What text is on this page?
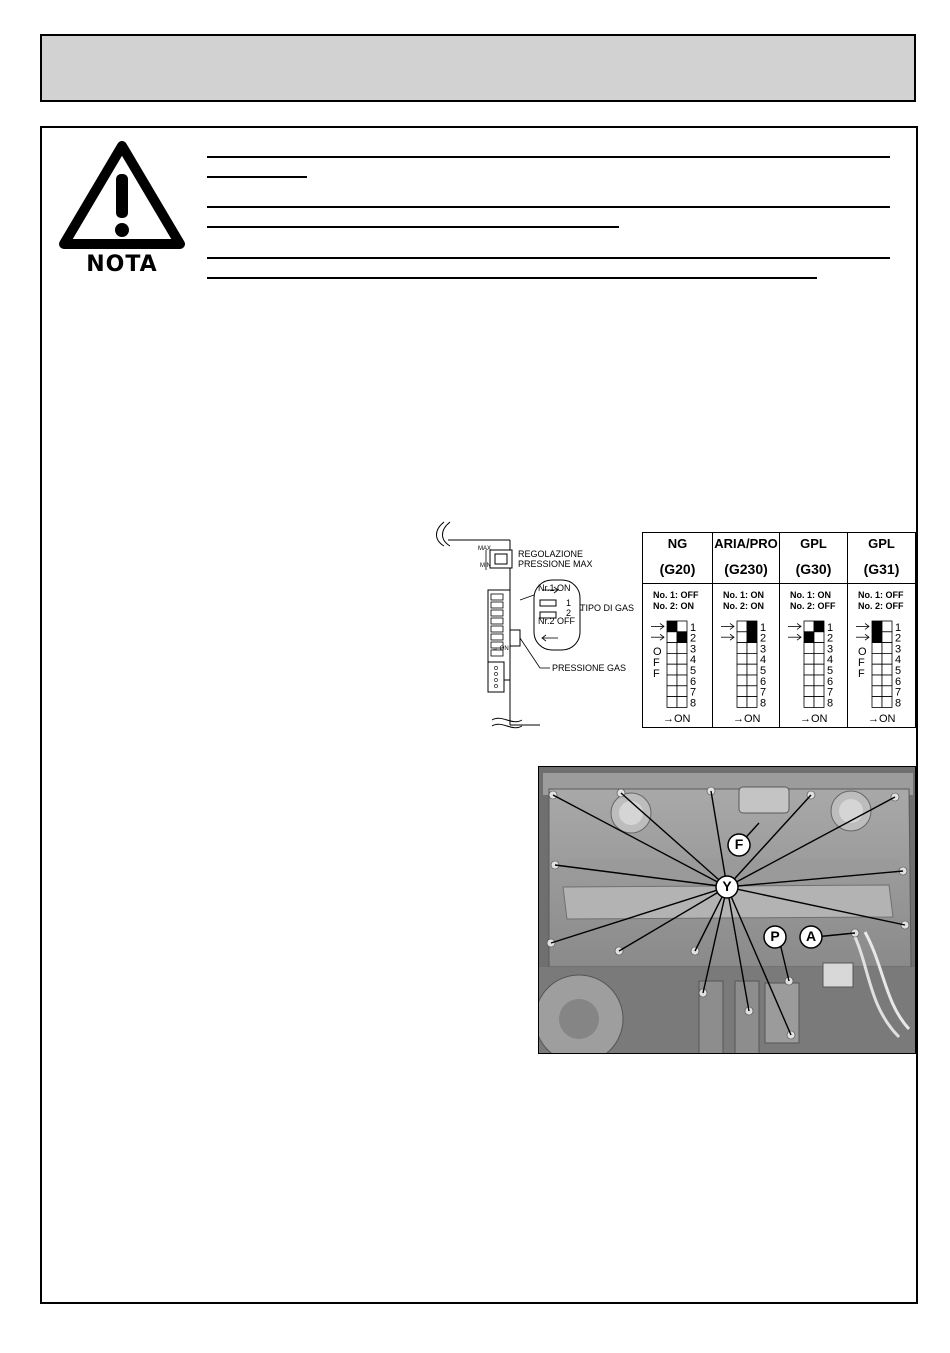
NOTA
MAX
MIN
REGOLAZIONE
PRESSIONE MAX
Nr.1 ON
1
2
Nr.2 OFF
TIPO DI GAS
PRESSIONE GAS
→ ON
NG
(G20)
No. 1: OFF
No. 2: ON
1
2
3
4
5
6
7
8
OFF
→ON
ARIA/PRO
(G230)
No. 1: ON
No. 2: ON
1
2
3
4
5
6
7
8
→ON
GPL
(G30)
No. 1: ON
No. 2: OFF
1
2
3
4
5
6
7
8
→ON
GPL
(G31)
No. 1: OFF
No. 2: OFF
1
2
3
4
5
6
7
8
OFF
→ON
F
Y
P A
